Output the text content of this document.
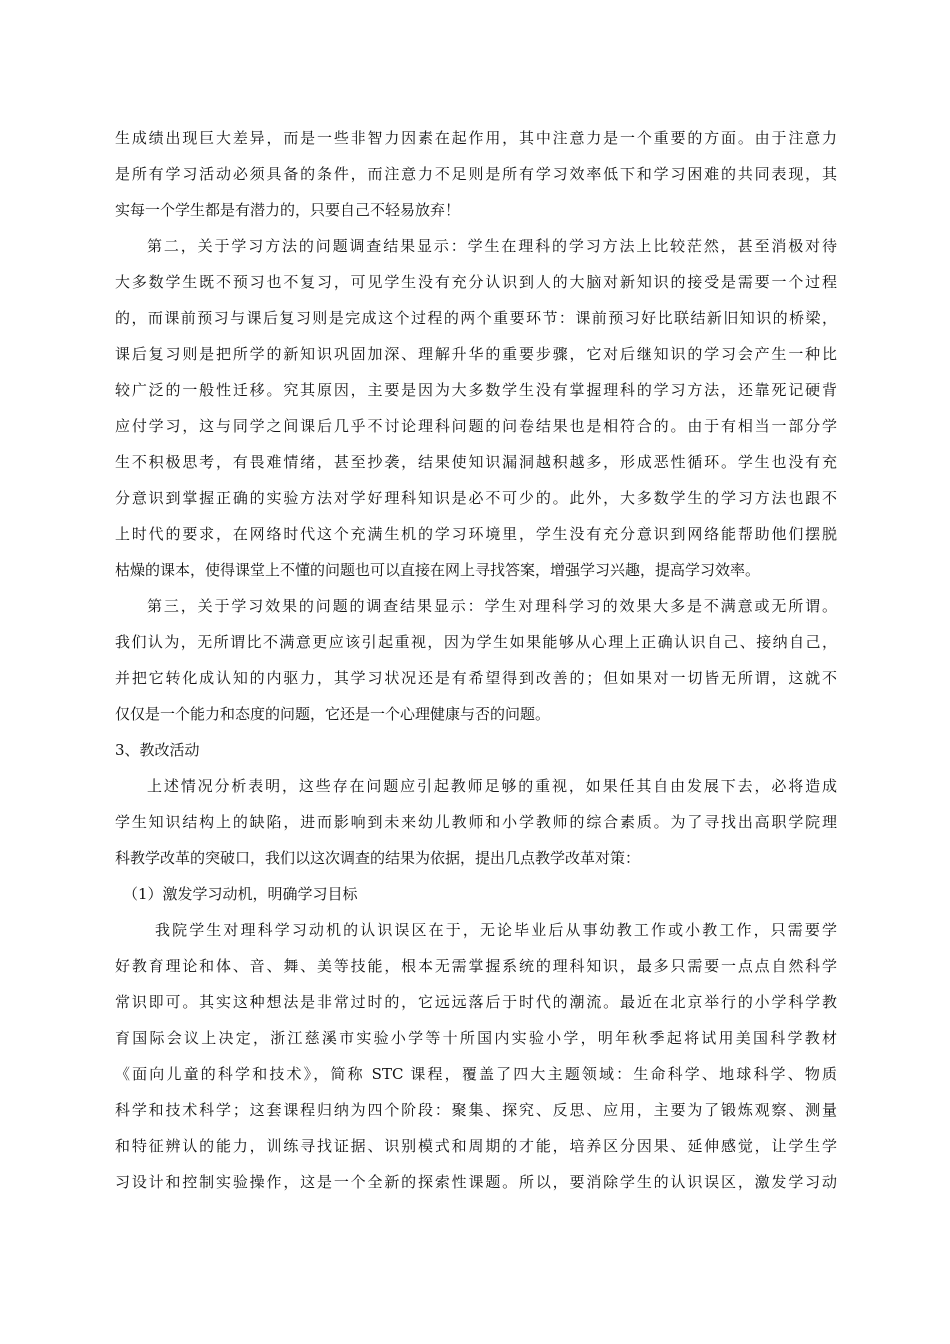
生成绩出现巨大差异，而是一些非智力因素在起作用，其中注意力是一个重要的方面。由于注意力
是所有学习活动必须具备的条件，而注意力不足则是所有学习效率低下和学习困难的共同表现，其
实每一个学生都是有潜力的，只要自己不轻易放弃！
第二，关于学习方法的问题调查结果显示：学生在理科的学习方法上比较茫然，甚至消极对待
大多数学生既不预习也不复习，可见学生没有充分认识到人的大脑对新知识的接受是需要一个过程
的，而课前预习与课后复习则是完成这个过程的两个重要环节：课前预习好比联结新旧知识的桥梁，
课后复习则是把所学的新知识巩固加深、理解升华的重要步骤，它对后继知识的学习会产生一种比
较广泛的一般性迁移。究其原因，主要是因为大多数学生没有掌握理科的学习方法，还靠死记硬背
应付学习，这与同学之间课后几乎不讨论理科问题的问卷结果也是相符合的。由于有相当一部分学
生不积极思考，有畏难情绪，甚至抄袭，结果使知识漏洞越积越多，形成恶性循环。学生也没有充
分意识到掌握正确的实验方法对学好理科知识是必不可少的。此外，大多数学生的学习方法也跟不
上时代的要求，在网络时代这个充满生机的学习环境里，学生没有充分意识到网络能帮助他们摆脱
枯燥的课本，使得课堂上不懂的问题也可以直接在网上寻找答案，增强学习兴趣，提高学习效率。
第三，关于学习效果的问题的调查结果显示：学生对理科学习的效果大多是不满意或无所谓。
我们认为，无所谓比不满意更应该引起重视，因为学生如果能够从心理上正确认识自己、接纳自己，
并把它转化成认知的内驱力，其学习状况还是有希望得到改善的；但如果对一切皆无所谓，这就不
仅仅是一个能力和态度的问题，它还是一个心理健康与否的问题。
3、教改活动
上述情况分析表明，这些存在问题应引起教师足够的重视，如果任其自由发展下去，必将造成
学生知识结构上的缺陷，进而影响到未来幼儿教师和小学教师的综合素质。为了寻找出高职学院理
科教学改革的突破口，我们以这次调查的结果为依据，提出几点教学改革对策：
（1）激发学习动机，明确学习目标
我院学生对理科学习动机的认识误区在于，无论毕业后从事幼教工作或小教工作，只需要学
好教育理论和体、音、舞、美等技能，根本无需掌握系统的理科知识，最多只需要一点点自然科学
常识即可。其实这种想法是非常过时的，它远远落后于时代的潮流。最近在北京举行的小学科学教
育国际会议上决定，浙江慈溪市实验小学等十所国内实验小学，明年秋季起将试用美国科学教材
《面向儿童的科学和技术》，简称 STC 课程，覆盖了四大主题领域：生命科学、地球科学、物质
科学和技术科学；这套课程归纳为四个阶段：聚集、探究、反思、应用，主要为了锻炼观察、测量
和特征辨认的能力，训练寻找证据、识别模式和周期的才能，培养区分因果、延伸感觉，让学生学
习设计和控制实验操作，这是一个全新的探索性课题。所以，要消除学生的认识误区，激发学习动
